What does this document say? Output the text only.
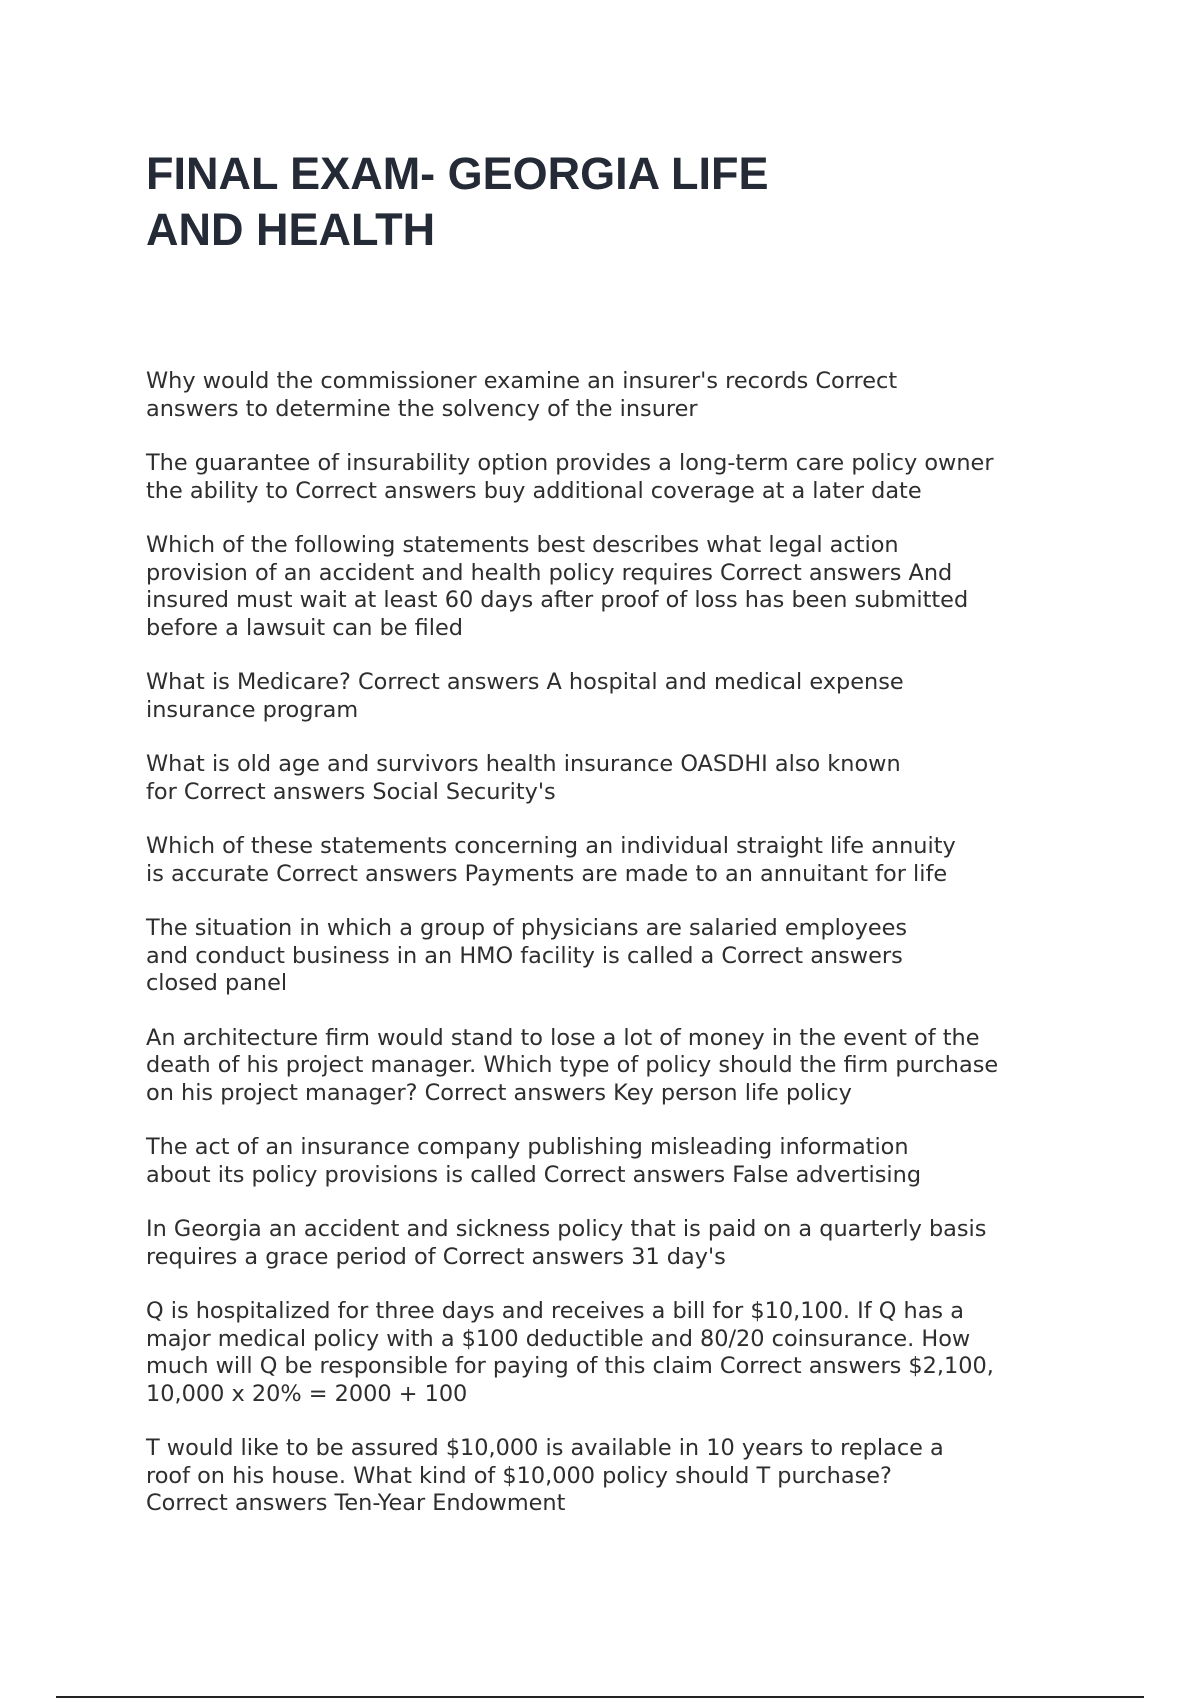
FINAL EXAM- GEORGIA LIFE
AND HEALTH

Why would the commissioner examine an insurer's records Correct
answers to determine the solvency of the insurer

The guarantee of insurability option provides a long-term care policy owner
the ability to Correct answers buy additional coverage at a later date

Which of the following statements best describes what legal action
provision of an accident and health policy requires Correct answers And
insured must wait at least 60 days after proof of loss has been submitted
before a lawsuit can be filed

What is Medicare? Correct answers A hospital and medical expense
insurance program

What is old age and survivors health insurance OASDHI also known
for Correct answers Social Security's

Which of these statements concerning an individual straight life annuity
is accurate Correct answers Payments are made to an annuitant for life

The situation in which a group of physicians are salaried employees
and conduct business in an HMO facility is called a Correct answers
closed panel

An architecture firm would stand to lose a lot of money in the event of the
death of his project manager. Which type of policy should the firm purchase
on his project manager? Correct answers Key person life policy

The act of an insurance company publishing misleading information
about its policy provisions is called Correct answers False advertising

In Georgia an accident and sickness policy that is paid on a quarterly basis
requires a grace period of Correct answers 31 day's

Q is hospitalized for three days and receives a bill for $10,100. If Q has a
major medical policy with a $100 deductible and 80/20 coinsurance. How
much will Q be responsible for paying of this claim Correct answers $2,100,
10,000 x 20% = 2000 + 100

T would like to be assured $10,000 is available in 10 years to replace a
roof on his house. What kind of $10,000 policy should T purchase?
Correct answers Ten-Year Endowment
